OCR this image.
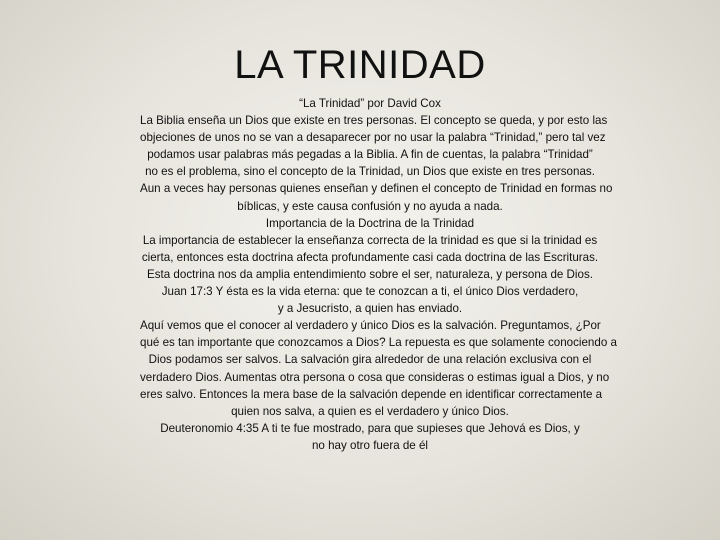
LA TRINIDAD
“La Trinidad” por David Cox
La Biblia enseña un Dios que existe en tres personas. El concepto se queda, y por esto las
objeciones de unos no se van a desaparecer por no usar la palabra “Trinidad,” pero tal vez
podamos usar palabras más pegadas a la Biblia. A fin de cuentas, la palabra “Trinidad”
no es el problema, sino el concepto de la Trinidad, un Dios que existe en tres personas.
Aun a veces hay personas quienes enseñan y definen el concepto de Trinidad en formas no
bíblicas, y este causa confusión y no ayuda a nada.
Importancia de la Doctrina de la Trinidad
La importancia de establecer la enseñanza correcta de la trinidad es que si la trinidad es
cierta, entonces esta doctrina afecta profundamente casi cada doctrina de las Escrituras.
Esta doctrina nos da amplia entendimiento sobre el ser, naturaleza, y persona de Dios.
Juan 17:3 Y ésta es la vida eterna: que te conozcan a ti, el único Dios verdadero,
y a Jesucristo, a quien has enviado.
Aquí vemos que el conocer al verdadero y único Dios es la salvación. Preguntamos, ¿Por
qué es tan importante que conozcamos a Dios? La repuesta es que solamente conociendo a
Dios podamos ser salvos. La salvación gira alrededor de una relación exclusiva con el
verdadero Dios. Aumentas otra persona o cosa que consideras o estimas igual a Dios, y no
eres salvo. Entonces la mera base de la salvación depende en identificar correctamente a
quien nos salva, a quien es el verdadero y único Dios.
Deuteronomio 4:35 A ti te fue mostrado, para que supieses que Jehová es Dios, y
no hay otro fuera de él
